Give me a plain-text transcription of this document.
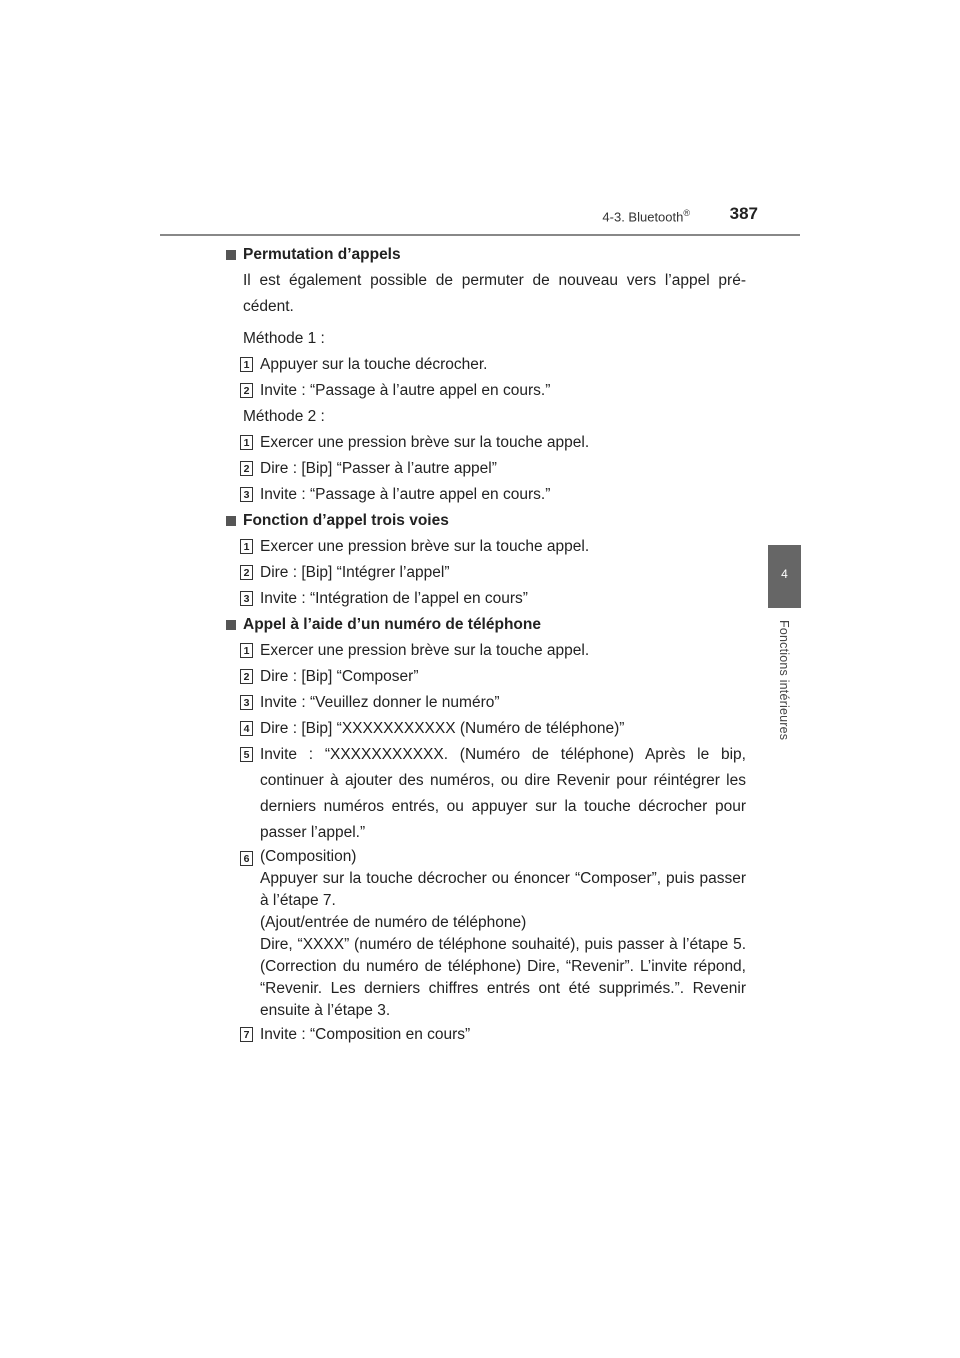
4-3. Bluetooth® 387
4
Fonctions intérieures
Permutation d’appels
Il est également possible de permuter de nouveau vers l’appel pré-cédent.
Méthode 1 :
1 Appuyer sur la touche décrocher.
2 Invite : “Passage à l’autre appel en cours.”
Méthode 2 :
1 Exercer une pression brève sur la touche appel.
2 Dire : [Bip] “Passer à l’autre appel”
3 Invite : “Passage à l’autre appel en cours.”
Fonction d’appel trois voies
1 Exercer une pression brève sur la touche appel.
2 Dire : [Bip] “Intégrer l’appel”
3 Invite : “Intégration de l’appel en cours”
Appel à l’aide d’un numéro de téléphone
1 Exercer une pression brève sur la touche appel.
2 Dire : [Bip] “Composer”
3 Invite : “Veuillez donner le numéro”
4 Dire : [Bip] “XXXXXXXXXXX (Numéro de téléphone)”
5 Invite : “XXXXXXXXXXX. (Numéro de téléphone) Après le bip, continuer à ajouter des numéros, ou dire Revenir pour réintégrer les derniers numéros entrés, ou appuyer sur la touche décrocher pour passer l’appel.”
6 (Composition)
Appuyer sur la touche décrocher ou énoncer “Composer”, puis passer à l’étape 7.
(Ajout/entrée de numéro de téléphone)
Dire, “XXXX” (numéro de téléphone souhaité), puis passer à l’étape 5. (Correction du numéro de téléphone) Dire, “Revenir”. L’invite répond, “Revenir. Les derniers chiffres entrés ont été supprimés.”. Revenir ensuite à l’étape 3.
7 Invite : “Composition en cours”
